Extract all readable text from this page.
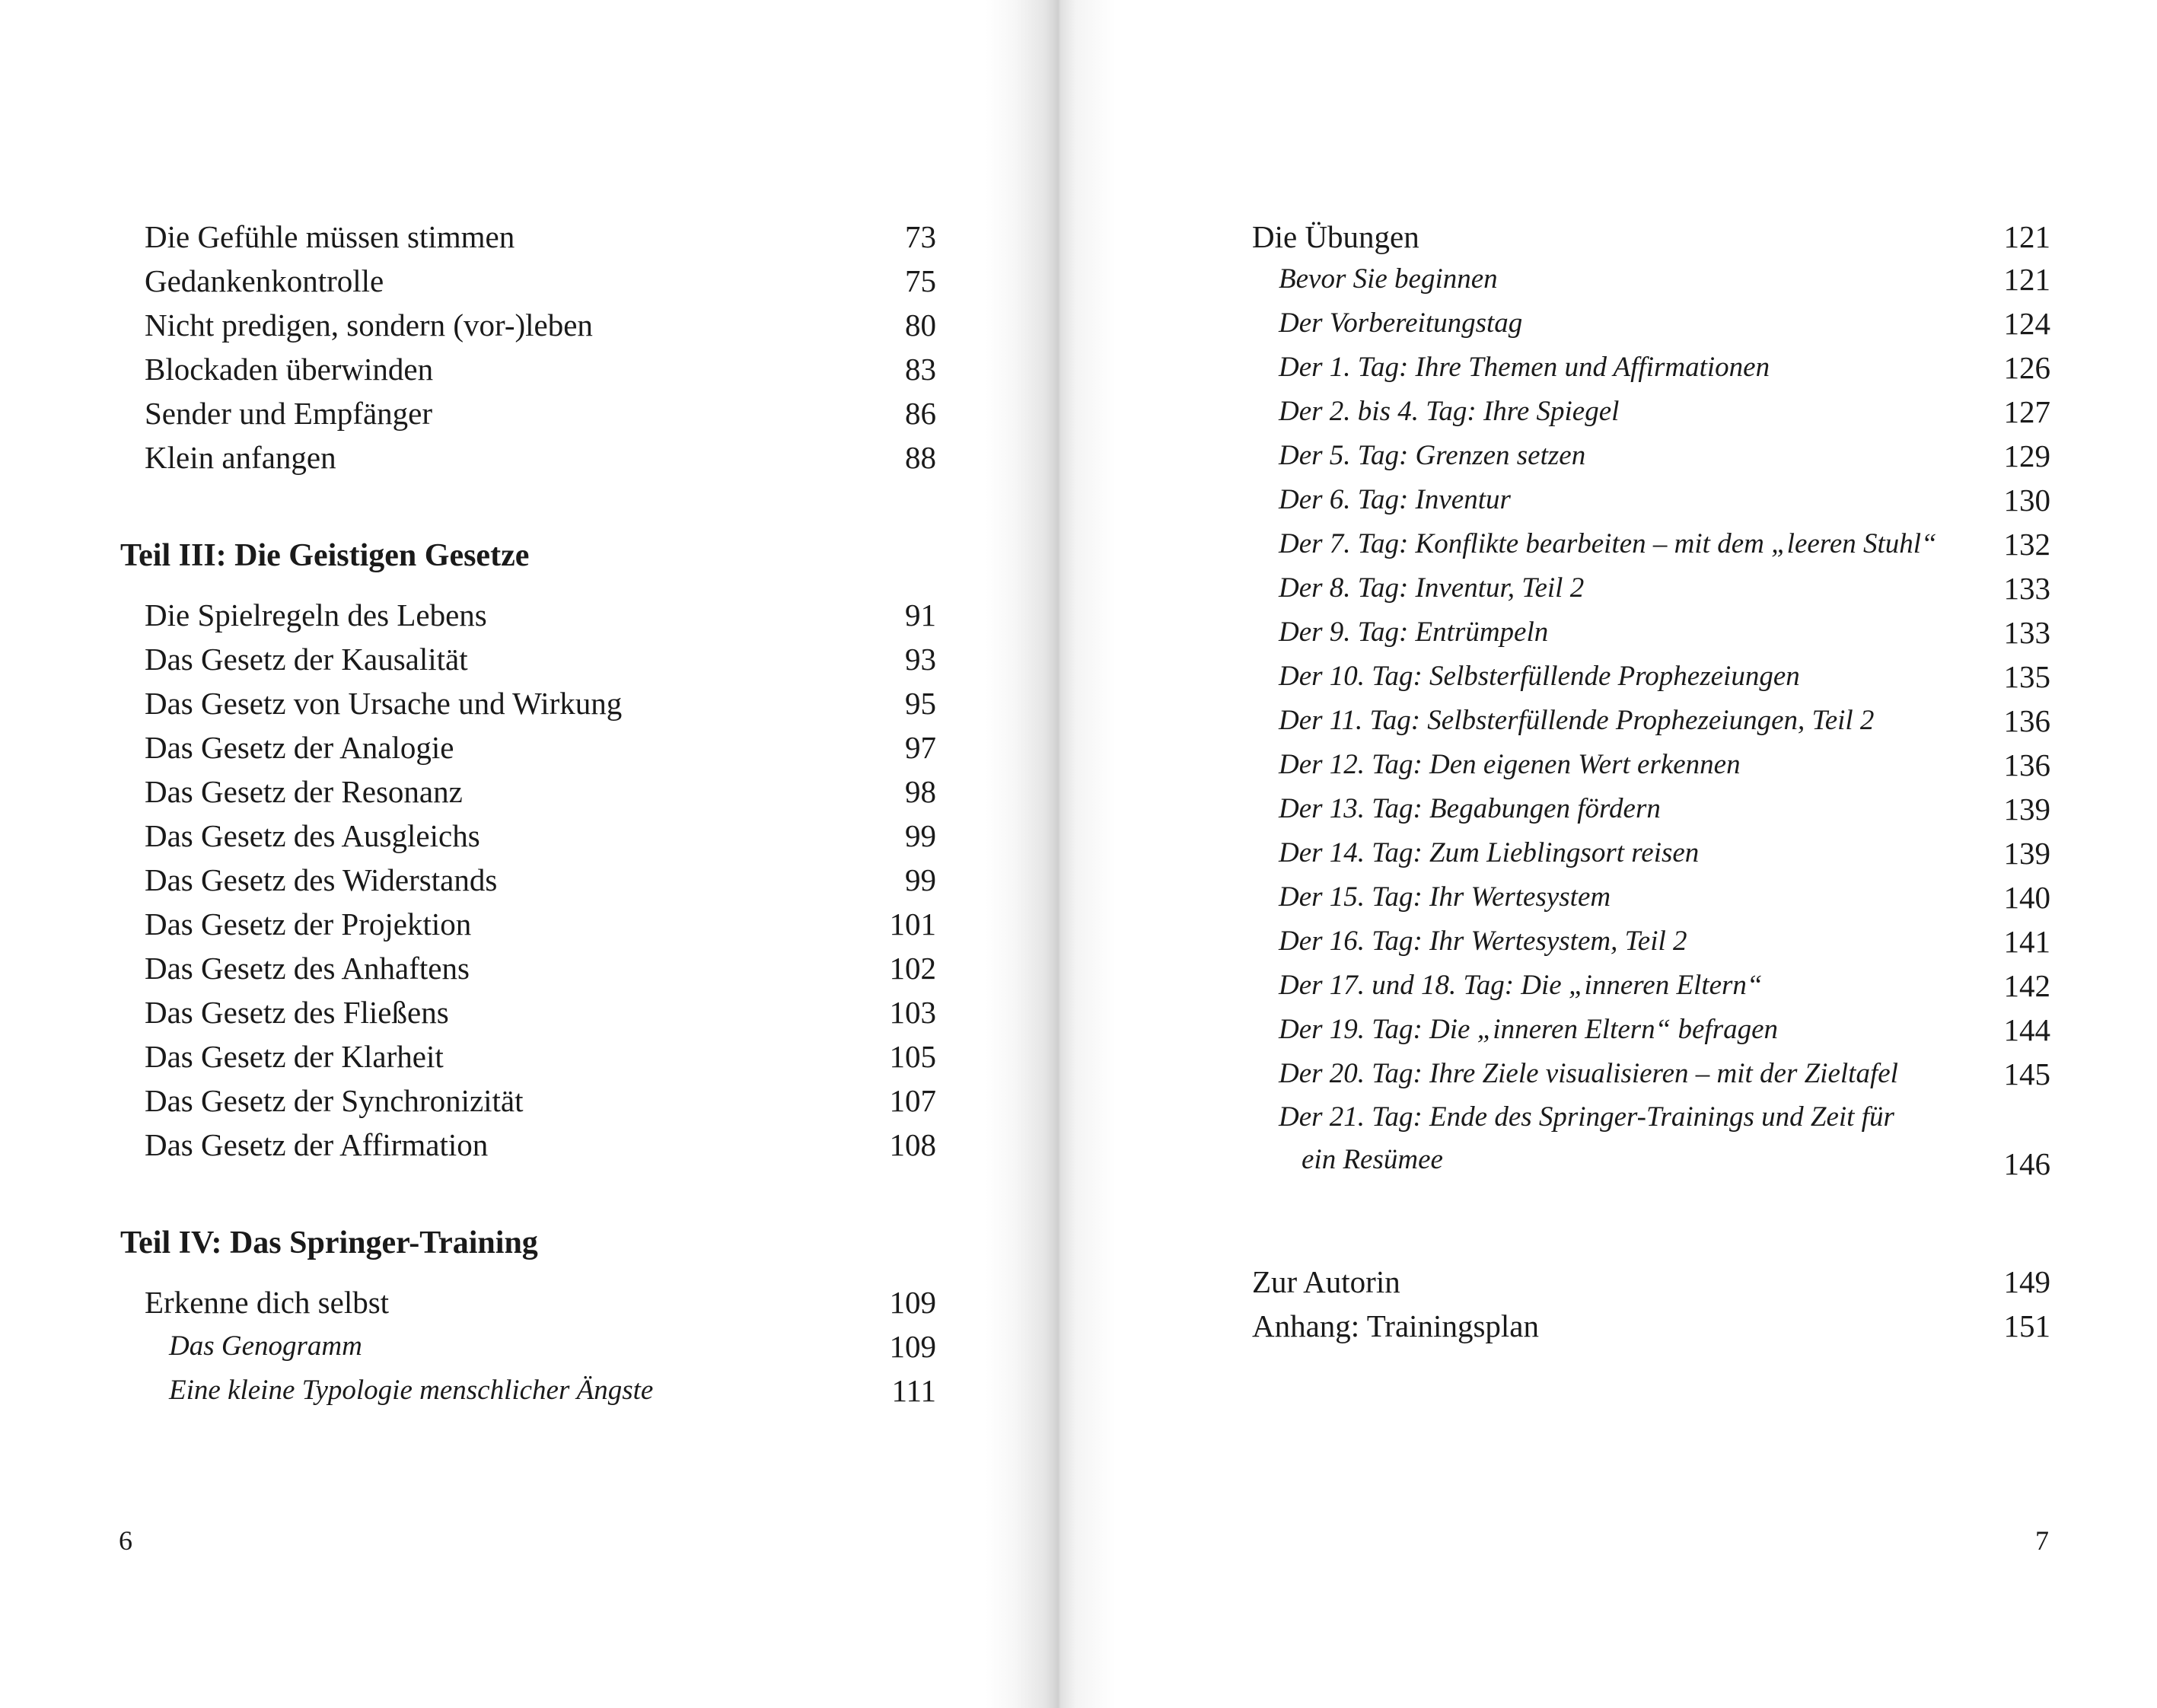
Die Gefühle müssen stimmen	73
Gedankenkontrolle	75
Nicht predigen, sondern (vor-)leben	80
Blockaden überwinden	83
Sender und Empfänger	86
Klein anfangen	88
Teil III: Die Geistigen Gesetze
Die Spielregeln des Lebens	91
Das Gesetz der Kausalität	93
Das Gesetz von Ursache und Wirkung	95
Das Gesetz der Analogie	97
Das Gesetz der Resonanz	98
Das Gesetz des Ausgleichs	99
Das Gesetz des Widerstands	99
Das Gesetz der Projektion	101
Das Gesetz des Anhaftens	102
Das Gesetz des Fließens	103
Das Gesetz der Klarheit	105
Das Gesetz der Synchronizität	107
Das Gesetz der Affirmation	108
Teil IV: Das Springer-Training
Erkenne dich selbst	109
Das Genogramm	109
Eine kleine Typologie menschlicher Ängste	111
6
Die Übungen	121
Bevor Sie beginnen	121
Der Vorbereitungstag	124
Der 1. Tag: Ihre Themen und Affirmationen	126
Der 2. bis 4. Tag: Ihre Spiegel	127
Der 5. Tag: Grenzen setzen	129
Der 6. Tag: Inventur	130
Der 7. Tag: Konflikte bearbeiten – mit dem „leeren Stuhl“ 132
Der 8. Tag: Inventur, Teil 2	133
Der 9. Tag: Entrümpeln	133
Der 10. Tag: Selbsterfüllende Prophezeiungen	135
Der 11. Tag: Selbsterfüllende Prophezeiungen, Teil 2	136
Der 12. Tag: Den eigenen Wert erkennen	136
Der 13. Tag: Begabungen fördern	139
Der 14. Tag: Zum Lieblingsort reisen	139
Der 15. Tag: Ihr Wertesystem	140
Der 16. Tag: Ihr Wertesystem, Teil 2	141
Der 17. und 18. Tag: Die „inneren Eltern“	142
Der 19. Tag: Die „inneren Eltern“ befragen	144
Der 20. Tag: Ihre Ziele visualisieren – mit der Zieltafel	145
Der 21. Tag: Ende des Springer-Trainings und Zeit für
ein Resümee	146
Zur Autorin	149
Anhang: Trainingsplan	151
7
